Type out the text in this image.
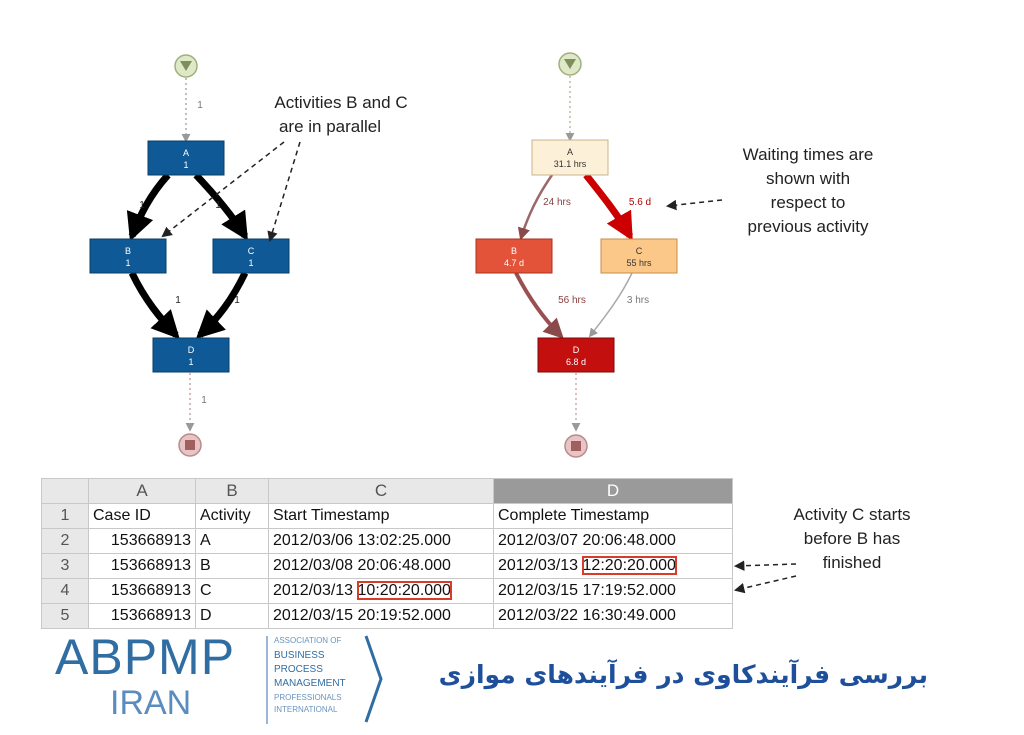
1
1	1
1	1
A
1
B
1
C
1
D
1
1
Activities B and C
are in parallel
24 hrs	5.6 d
56 hrs	3 hrs
A
31.1 hrs
B
4.7 d
C
55 hrs
D
6.8 d
Waiting times are
shown with
respect to
previous activity
	A	B	C	D
1	Case ID	Activity	Start Timestamp	Complete Timestamp
2	153668913	A	2012/03/06 13:02:25.000	2012/03/07 20:06:48.000
3	153668913	B	2012/03/08 20:06:48.000	2012/03/13 12:20:20.000
4	153668913	C	2012/03/13 10:20:20.000	2012/03/15 17:19:52.000
5	153668913	D	2012/03/15 20:19:52.000	2012/03/22 16:30:49.000
Activity C starts
before B has
finished
ABPMP
IRAN
ASSOCIATION OF
BUSINESS
PROCESS
MANAGEMENT
PROFESSIONALS
INTERNATIONAL
بررسی فرآیندکاوی در فرآیندهای موازی
